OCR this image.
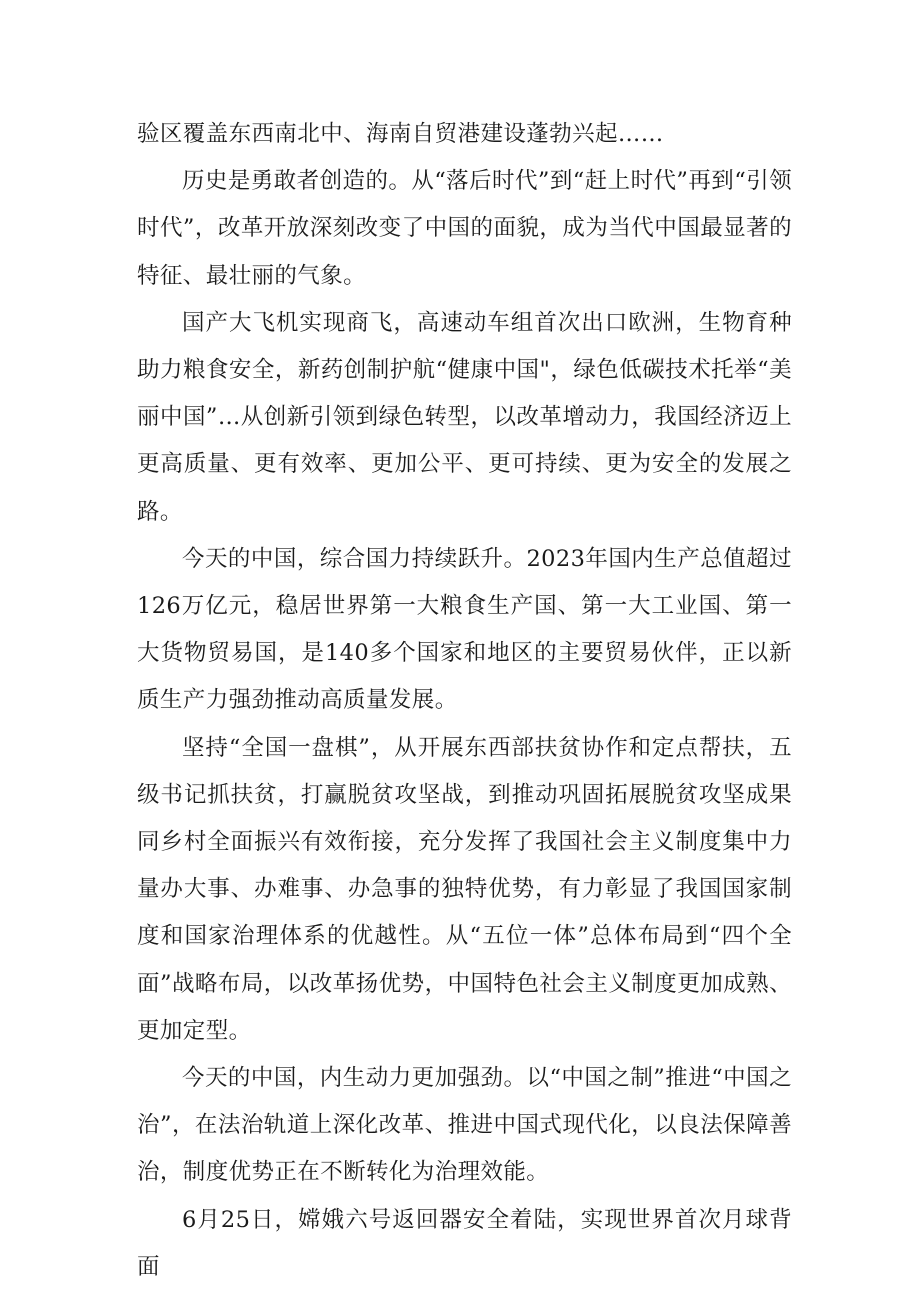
验区覆盖东西南北中、海南自贸港建设蓬勃兴起……

历史是勇敢者创造的。从“落后时代”到“赶上时代”再到“引领时代”，改革开放深刻改变了中国的面貌，成为当代中国最显著的特征、最壮丽的气象。

国产大飞机实现商飞，高速动车组首次出口欧洲，生物育种助力粮食安全，新药创制护航“健康中国"，绿色低碳技术托举“美丽中国”…从创新引领到绿色转型，以改革增动力，我国经济迈上更高质量、更有效率、更加公平、更可持续、更为安全的发展之路。

今天的中国，综合国力持续跃升。2023年国内生产总值超过126万亿元，稳居世界第一大粮食生产国、第一大工业国、第一大货物贸易国，是140多个国家和地区的主要贸易伙伴，正以新质生产力强劲推动高质量发展。

坚持“全国一盘棋”，从开展东西部扶贫协作和定点帮扶，五级书记抓扶贫，打赢脱贫攻坚战，到推动巩固拓展脱贫攻坚成果同乡村全面振兴有效衔接，充分发挥了我国社会主义制度集中力量办大事、办难事、办急事的独特优势，有力彰显了我国国家制度和国家治理体系的优越性。从“五位一体”总体布局到“四个全面”战略布局，以改革扬优势，中国特色社会主义制度更加成熟、更加定型。

今天的中国，内生动力更加强劲。以“中国之制”推进“中国之治”，在法治轨道上深化改革、推进中国式现代化，以良法保障善治，制度优势正在不断转化为治理效能。

6月25日，嫦娥六号返回器安全着陆，实现世界首次月球背面
